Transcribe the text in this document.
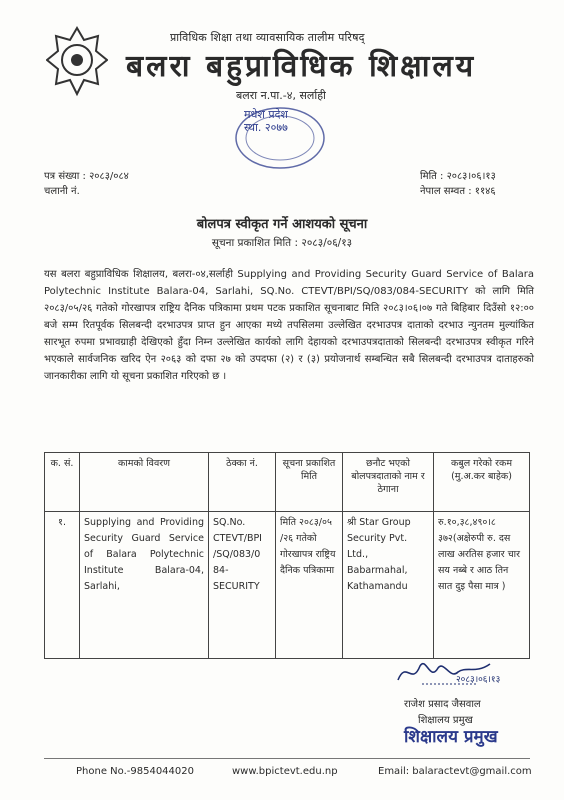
प्राविधिक शिक्षा तथा व्यावसायिक तालीम परिषद्
बलरा बहुप्राविधिक शिक्षालय
बलरा न.पा.-४, सर्लाही
मधेश प्रदेश
स्था. २०७७
पत्र संख्या : २०८३/०८४
चलानी नं.
मिति : २०८३।०६।१३
नेपाल सम्वत : ११४६
बोलपत्र स्वीकृत गर्ने आशयको सूचना
सूचना प्रकाशित मिति : २०८३/०६/१३
यस बलरा बहुप्राविधिक शिक्षालय, बलरा-०४,सर्लाही Supplying and Providing Security Guard Service of Balara Polytechnic Institute Balara-04, Sarlahi, SQ.No. CTEVT/BPI/SQ/083/084-SECURITY को लागि मिति २०८३/०५/२६ गतेको गोरखापत्र राष्ट्रिय दैनिक पत्रिकामा प्रथम पटक प्रकाशित सूचनाबाट मिति २०८३।०६।०७ गते बिहिबार दिउँसो १२:०० बजे सम्म रितपूर्वक सिलबन्दी दरभाउपत्र प्राप्त हुन आएका मध्ये तपसिलमा उल्लेखित दरभाउपत्र दाताको दरभाउ न्युनतम मुल्यांकित सारभूत रुपमा प्रभावग्राही देखिएको हुँदा निम्न उल्लेखित कार्यको लागि देहायको दरभाउपत्रदाताको सिलबन्दी दरभाउपत्र स्वीकृत गरिने भएकाले सार्वजनिक खरिद ऐन २०६३ को दफा २७ को उपदफा (२) र (३) प्रयोजनार्थ सम्बन्धित सबै सिलबन्दी दरभाउपत्र दाताहरुको जानकारीका लागि यो सूचना प्रकाशित गरिएको छ ।
क. सं.	कामको विवरण	ठेक्का नं.	सूचना प्रकाशित मिति	छनौट भएको बोलपत्रदाताको नाम र ठेगाना	कबुल गरेको रकम (मु.अ.कर बाहेक)
१.	Supplying and Providing Security Guard Service of Balara Polytechnic Institute Balara-04, Sarlahi,	SQ.No. CTEVT/BPI /SQ/083/0 84-SECURITY	मिति २०८३/०५ /२६ गतेको गोरखापत्र राष्ट्रिय दैनिक पत्रिकामा	श्री Star Group Security Pvt. Ltd., Babarmahal, Kathamandu	रु.१०,३८,४९०।८ ३७२(अक्षेरुपी रु. दस लाख अरतिस हजार चार सय नब्बे र आठ तिन सात दुइ पैसा मात्र )
२०८३।०६।१३
राजेश प्रसाद जैसवाल
शिक्षालय प्रमुख
शिक्षालय प्रमुख
Phone No.-9854044020	www.bpictevt.edu.np	Email: balaractevt@gmail.com
